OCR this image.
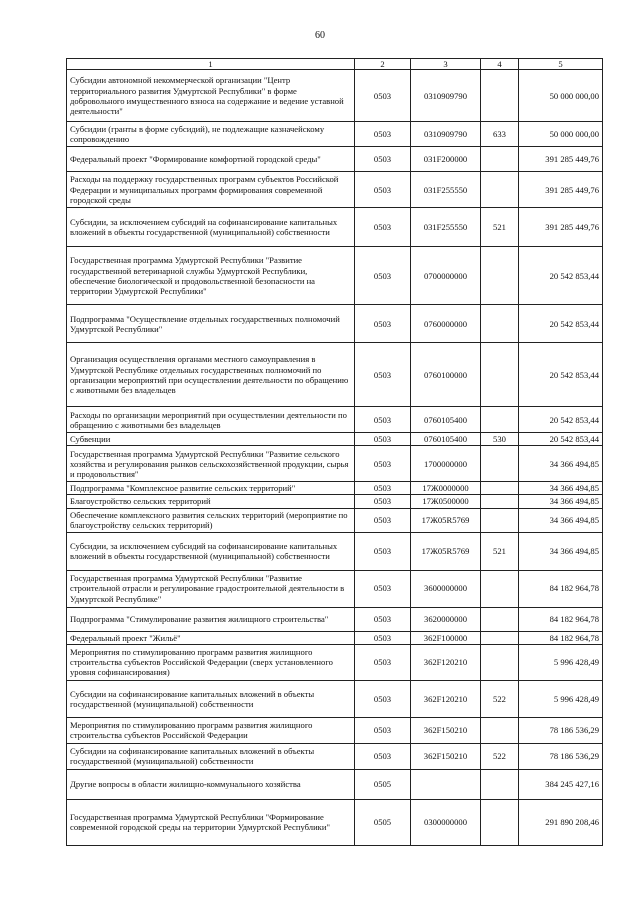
60
1	2	3	4	5
Субсидии автономной некоммерческой организации "Центр территориального развития Удмуртской Республики" в форме добровольного имущественного взноса на содержание и ведение уставной деятельности"	0503	0310909790		50 000 000,00
Субсидии (гранты в форме субсидий), не подлежащие казначейскому сопровождению	0503	0310909790	633	50 000 000,00
Федеральный проект "Формирование комфортной городской среды"	0503	031F200000		391 285 449,76
Расходы на поддержку государственных программ субъектов Российской Федерации и муниципальных программ формирования современной городской среды	0503	031F255550		391 285 449,76
Субсидии, за исключением субсидий на софинансирование капитальных вложений в объекты государственной (муниципальной) собственности	0503	031F255550	521	391 285 449,76
Государственная программа Удмуртской Республики "Развитие государственной ветеринарной службы Удмуртской Республики, обеспечение биологической и продовольственной безопасности на территории Удмуртской Республики"	0503	0700000000		20 542 853,44
Подпрограмма "Осуществление отдельных государственных полномочий Удмуртской Республики"	0503	0760000000		20 542 853,44
Организация осуществления органами местного самоуправления в Удмуртской Республике отдельных государственных полномочий по организации мероприятий при осуществлении деятельности по обращению с животными без владельцев	0503	0760100000		20 542 853,44
Расходы по организации мероприятий при осуществлении деятельности по обращению с животными без владельцев	0503	0760105400		20 542 853,44
Субвенции	0503	0760105400	530	20 542 853,44
Государственная программа Удмуртской Республики "Развитие сельского хозяйства и регулирования рынков сельскохозяйственной продукции, сырья и продовольствия"	0503	1700000000		34 366 494,85
Подпрограмма "Комплексное развитие сельских территорий"	0503	17Ж0000000		34 366 494,85
Благоустройство сельских территорий	0503	17Ж0500000		34 366 494,85
Обеспечение комплексного развития сельских территорий (мероприятие по благоустройству сельских территорий)	0503	17Ж05R5769		34 366 494,85
Субсидии, за исключением субсидий на софинансирование капитальных вложений в объекты государственной (муниципальной) собственности	0503	17Ж05R5769	521	34 366 494,85
Государственная программа Удмуртской Республики "Развитие строительной отрасли и регулирование градостроительной деятельности в Удмуртской Республике"	0503	3600000000		84 182 964,78
Подпрограмма "Стимулирование развития жилищного строительства"	0503	3620000000		84 182 964,78
Федеральный проект "Жильё"	0503	362F100000		84 182 964,78
Мероприятия по стимулированию программ развития жилищного строительства субъектов Российской Федерации (сверх установленного уровня софинансирования)	0503	362F120210		5 996 428,49
Субсидии на софинансирование капитальных вложений в объекты государственной (муниципальной) собственности	0503	362F120210	522	5 996 428,49
Мероприятия по стимулированию программ развития жилищного строительства субъектов Российской Федерации	0503	362F150210		78 186 536,29
Субсидии на софинансирование капитальных вложений в объекты государственной (муниципальной) собственности	0503	362F150210	522	78 186 536,29
Другие вопросы в области жилищно-коммунального хозяйства	0505			384 245 427,16
Государственная программа Удмуртской Республики "Формирование современной городской среды на территории Удмуртской Республики"	0505	0300000000		291 890 208,46
